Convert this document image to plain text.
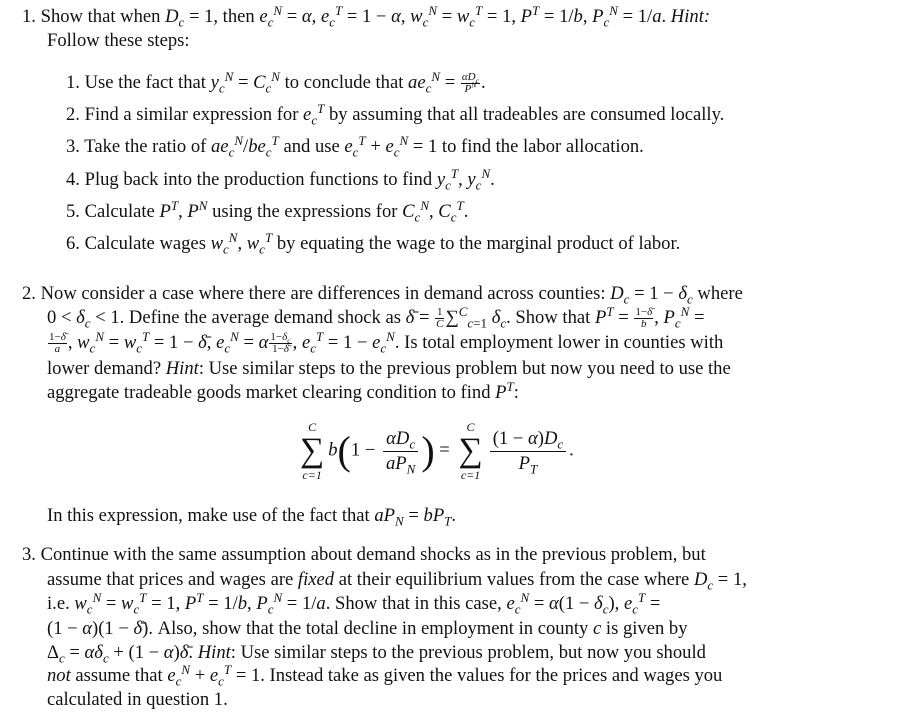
1. Show that when $D_c = 1$, then $e_c^N = \alpha$, $e_c^T = 1 - \alpha$, $w_c^N = w_c^T = 1$, $P^T = 1/b$, $P_c^N = 1/a$. Hint:
Follow these steps:
1. Use the fact that $y_c^N = C_c^N$ to conclude that $ae_c^N = \frac{\alpha D_c}{P^N}$ .
2. Find a similar expression for $e_c^T$ by assuming that all tradeables are consumed locally.
3. Take the ratio of $ae_c^N/be_c^T$ and use $e_c^T + e_c^N = 1$ to find the labor allocation.
4. Plug back into the production functions to find $y_c^T$, $y_c^N$.
5. Calculate $P^T$, $P^N$ using the expressions for $C_c^N$, $C_c^T$.
6. Calculate wages $w_c^N$, $w_c^T$ by equating the wage to the marginal product of labor.
2. Now consider a case where there are differences in demand across counties: $D_c = 1 - \delta_c$ where
$0 < \delta_c < 1$. Define the average demand shock as δ̄ = $\frac{1}{C} \sum^C_{c=1}$ $\delta_c$. Show that $P^T = \frac{1-\deltā}{b}$ , $P_c^N$ =
$\frac{1-\deltā}{a}$ , $w_c^N = w_c^T = 1$ − δ̄, $e_c^N = \alpha \frac{1-\delta_c}{1-\deltā}$ , $e_c^T = 1 - e_c^N$. Is total employment lower in counties with
lower demand? Hint: Use similar steps to the previous problem but now you need to use the
aggregate tradeable goods market clearing condition to find $P^T$:
C
∑
c=1
b(1 −
$\alpha D_c$
$aP_N$ ) =
C
∑
$c=1 \frac{(1 - \alpha)D_c}{P_T}$ .
In this expression, make use of the fact that $aP_N = bP_T$.
3. Continue with the same assumption about demand shocks as in the previous problem, but
assume that prices and wages are fixed at their equilibrium values from the case where $D_c = 1$,
i.e. $w_c^N = w_c^T = 1$, $P^T = 1/b$, $P_c^N = 1/a$. Show that in this case, $e_c^N = \alpha(1 - \delta_c)$, $e_c^T$ =
(1 − α)(1 − δ̄). Also, show that the total decline in employment in county c is given by
$\Delta_c = \alpha\delta_c + (1$ − α)δ̄. Hint: Use similar steps to the previous problem, but now you should
not assume that $e_c^N + e_c^T = 1$. Instead take as given the values for the prices and wages you
calculated in question 1.
